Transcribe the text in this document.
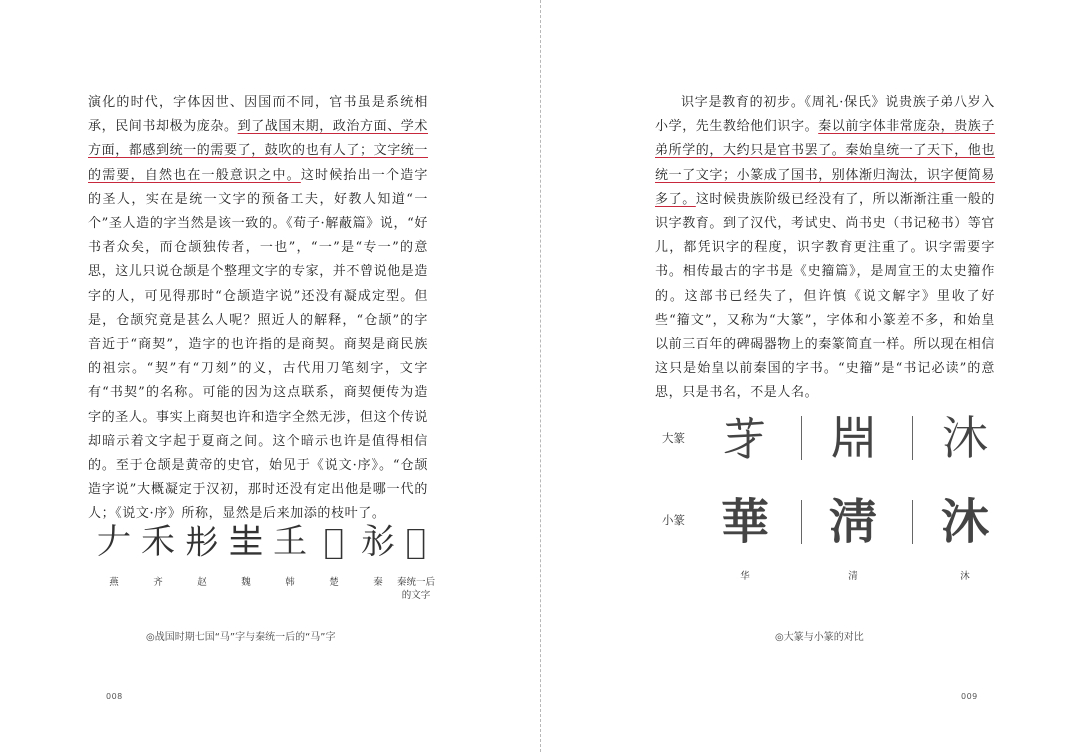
演化的时代，字体因世、因国而不同，官书虽是系统相承，民间书却极为庞杂。到了战国末期，政治方面、学术方面，都感到统一的需要了，鼓吹的也有人了；文字统一的需要，自然也在一般意识之中。这时候抬出一个造字的圣人，实在是统一文字的预备工夫，好教人知道“一个”圣人造的字当然是该一致的。《荀子·解蔽篇》说，“好书者众矣，而仓颉独传者，一也”，“一”是“专一”的意思，这儿只说仓颉是个整理文字的专家，并不曾说他是造字的人，可见得那时“仓颉造字说”还没有凝成定型。但是，仓颉究竟是甚么人呢？照近人的解释，“仓颉”的字音近于“商契”，造字的也许指的是商契。商契是商民族的祖宗。“契”有“刀刻”的义，古代用刀笔刻字，文字有“书契”的名称。可能的因为这点联系，商契便传为造字的圣人。事实上商契也许和造字全然无涉，但这个传说却暗示着文字起于夏商之间。这个暗示也许是值得相信的。至于仓颉是黄帝的史官，始见于《说文·序》。“仓颉造字说”大概凝定于汉初，那时还没有定出他是哪一代的人；《说文·序》所称，显然是后来加添的枝叶了。

𠂇
燕
禾
齐
𢒈
赵
𡉚
魏
𡈼
韩
𢒊
楚
𢒋
秦
𢒌
秦统一后
的文字
◎战国时期七国“马”字与秦统一后的“马”字
008

识字是教育的初步。《周礼·保氏》说贵族子弟八岁入小学，先生教给他们识字。秦以前字体非常庞杂，贵族子弟所学的，大约只是官书罢了。秦始皇统一了天下，他也统一了文字；小篆成了国书，别体渐归淘汰，识字便简易多了。这时候贵族阶级已经没有了，所以渐渐注重一般的识字教育。到了汉代，考试史、尚书史（书记秘书）等官儿，都凭识字的程度，识字教育更注重了。识字需要字书。相传最古的字书是《史籀篇》，是周宣王的太史籀作的。这部书已经失了，但许慎《说文解字》里收了好些“籀文”，又称为“大篆”，字体和小篆差不多，和始皇以前三百年的碑碣器物上的秦篆简直一样。所以现在相信这只是始皇以前秦国的字书。“史籀”是“书记必读”的意思，只是书名，不是人名。

大篆
小篆
𦬁 𣶒 沐
華 淸 沐
华	清	沐
◎大篆与小篆的对比
009
